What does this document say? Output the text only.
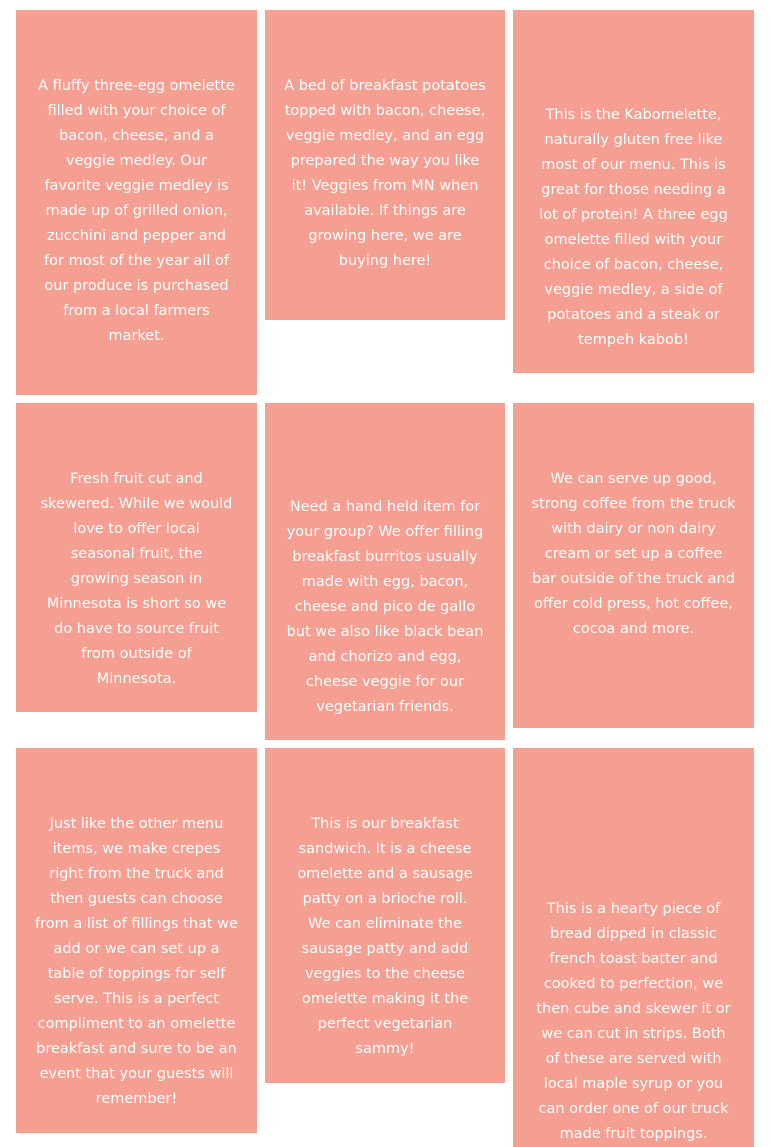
A fluffy three-egg omelette filled with your choice of bacon, cheese, and a veggie medley. Our favorite veggie medley is made up of grilled onion, zucchini and pepper and for most of the year all of our produce is purchased from a local farmers market.
A bed of breakfast potatoes topped with bacon, cheese, veggie medley, and an egg prepared the way you like it! Veggies from MN when available. If things are growing here, we are buying here!
This is the Kabomelette, naturally gluten free like most of our menu. This is great for those needing a lot of protein! A three egg omelette filled with your choice of bacon, cheese, veggie medley, a side of potatoes and a steak or tempeh kabob!
Fresh fruit cut and skewered. While we would love to offer local seasonal fruit, the growing season in Minnesota is short so we do have to source fruit from outside of Minnesota.
Need a hand held item for your group? We offer filling breakfast burritos usually made with egg, bacon, cheese and pico de gallo but we also like black bean and chorizo and egg, cheese veggie for our vegetarian friends.
We can serve up good, strong coffee from the truck with dairy or non dairy cream or set up a coffee bar outside of the truck and offer cold press, hot coffee, cocoa and more.
Just like the other menu items, we make crepes right from the truck and then guests can choose from a list of fillings that we add or we can set up a table of toppings for self serve. This is a perfect compliment to an omelette breakfast and sure to be an event that your guests will remember!
This is our breakfast sandwich. It is a cheese omelette and a sausage patty on a brioche roll. We can eliminate the sausage patty and add veggies to the cheese omelette making it the perfect vegetarian sammy!
This is a hearty piece of bread dipped in classic french toast batter and cooked to perfection, we then cube and skewer it or we can cut in strips. Both of these are served with local maple syrup or you can order one of our truck made fruit toppings.
